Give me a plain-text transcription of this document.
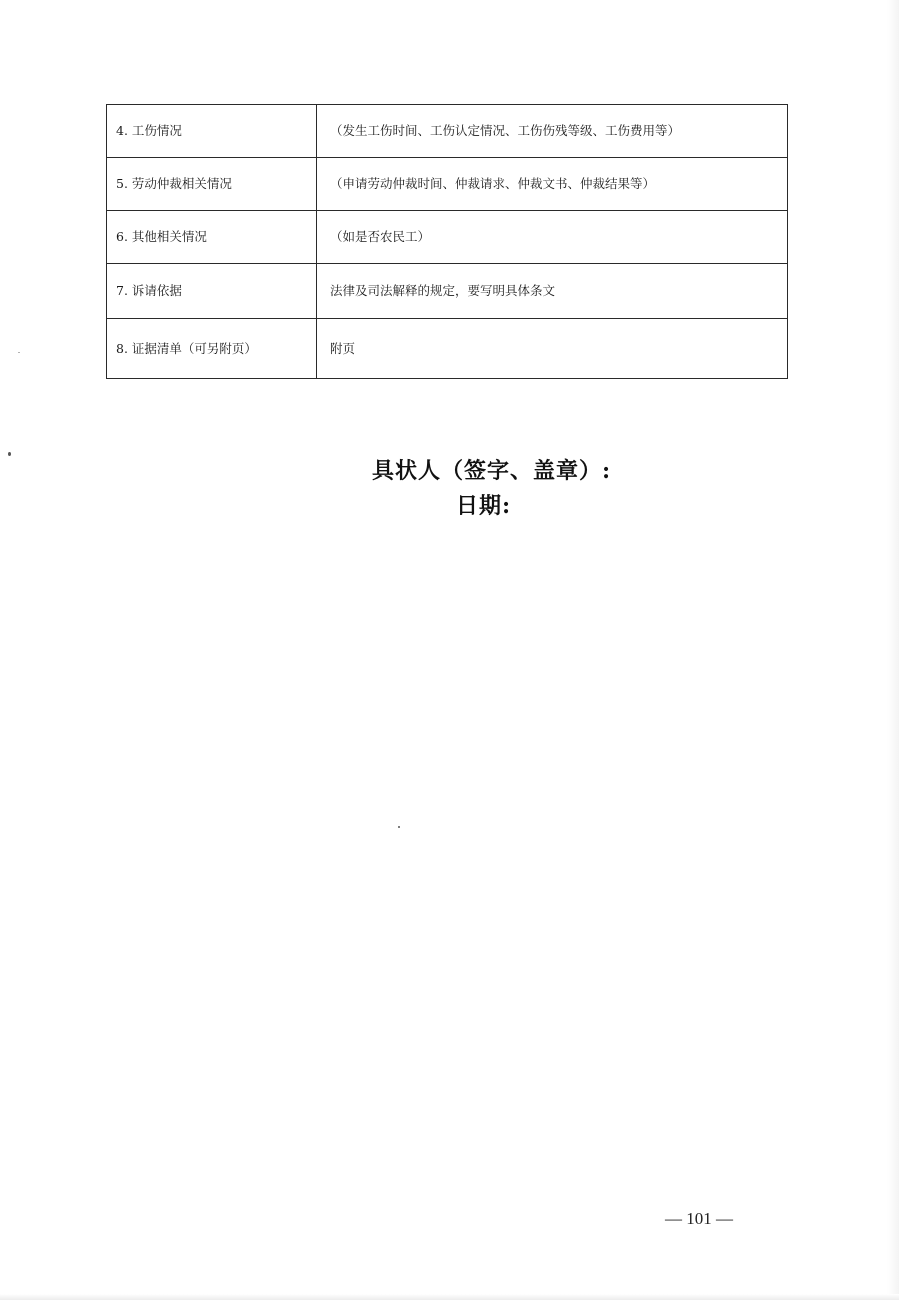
4. 工伤情况	（发生工伤时间、工伤认定情况、工伤伤残等级、工伤费用等）
5. 劳动仲裁相关情况	（申请劳动仲裁时间、仲裁请求、仲裁文书、仲裁结果等）
6. 其他相关情况	（如是否农民工）
7. 诉请依据	法律及司法解释的规定，要写明具体条文
8. 证据清单（可另附页）	附页
具状人（签字、盖章）:
日期:
— 101 —
